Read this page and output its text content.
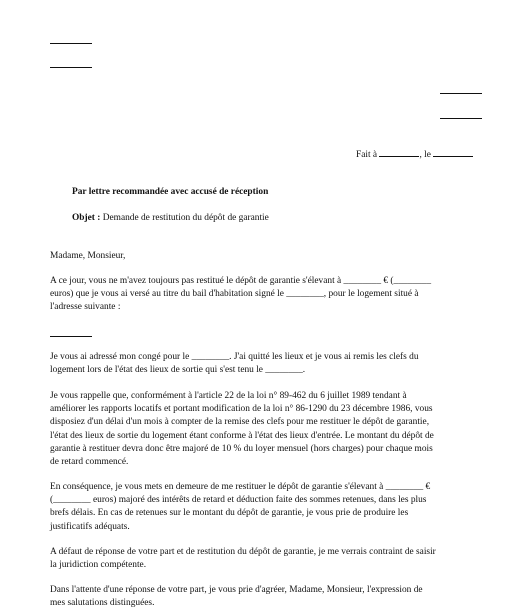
Fait à	, le
Par lettre recommandée avec accusé de réception
Objet : Demande de restitution du dépôt de garantie
Madame, Monsieur,
A ce jour, vous ne m'avez toujours pas restitué le dépôt de garantie s'élevant à ________ € (________
euros) que je vous ai versé au titre du bail d'habitation signé le ________, pour le logement situé à
l'adresse suivante :
Je vous ai adressé mon congé pour le ________. J'ai quitté les lieux et je vous ai remis les clefs du
logement lors de l'état des lieux de sortie qui s'est tenu le ________.
Je vous rappelle que, conformément à l'article 22 de la loi n° 89-462 du 6 juillet 1989 tendant à
améliorer les rapports locatifs et portant modification de la loi n° 86-1290 du 23 décembre 1986, vous
disposiez d'un délai d'un mois à compter de la remise des clefs pour me restituer le dépôt de garantie,
l'état des lieux de sortie du logement étant conforme à l'état des lieux d'entrée. Le montant du dépôt de
garantie à restituer devra donc être majoré de 10 % du loyer mensuel (hors charges) pour chaque mois
de retard commencé.
En conséquence, je vous mets en demeure de me restituer le dépôt de garantie s'élevant à ________ €
(________ euros) majoré des intérêts de retard et déduction faite des sommes retenues, dans les plus
brefs délais. En cas de retenues sur le montant du dépôt de garantie, je vous prie de produire les
justificatifs adéquats.
A défaut de réponse de votre part et de restitution du dépôt de garantie, je me verrais contraint de saisir
la juridiction compétente.
Dans l'attente d'une réponse de votre part, je vous prie d'agréer, Madame, Monsieur, l'expression de
mes salutations distinguées.
